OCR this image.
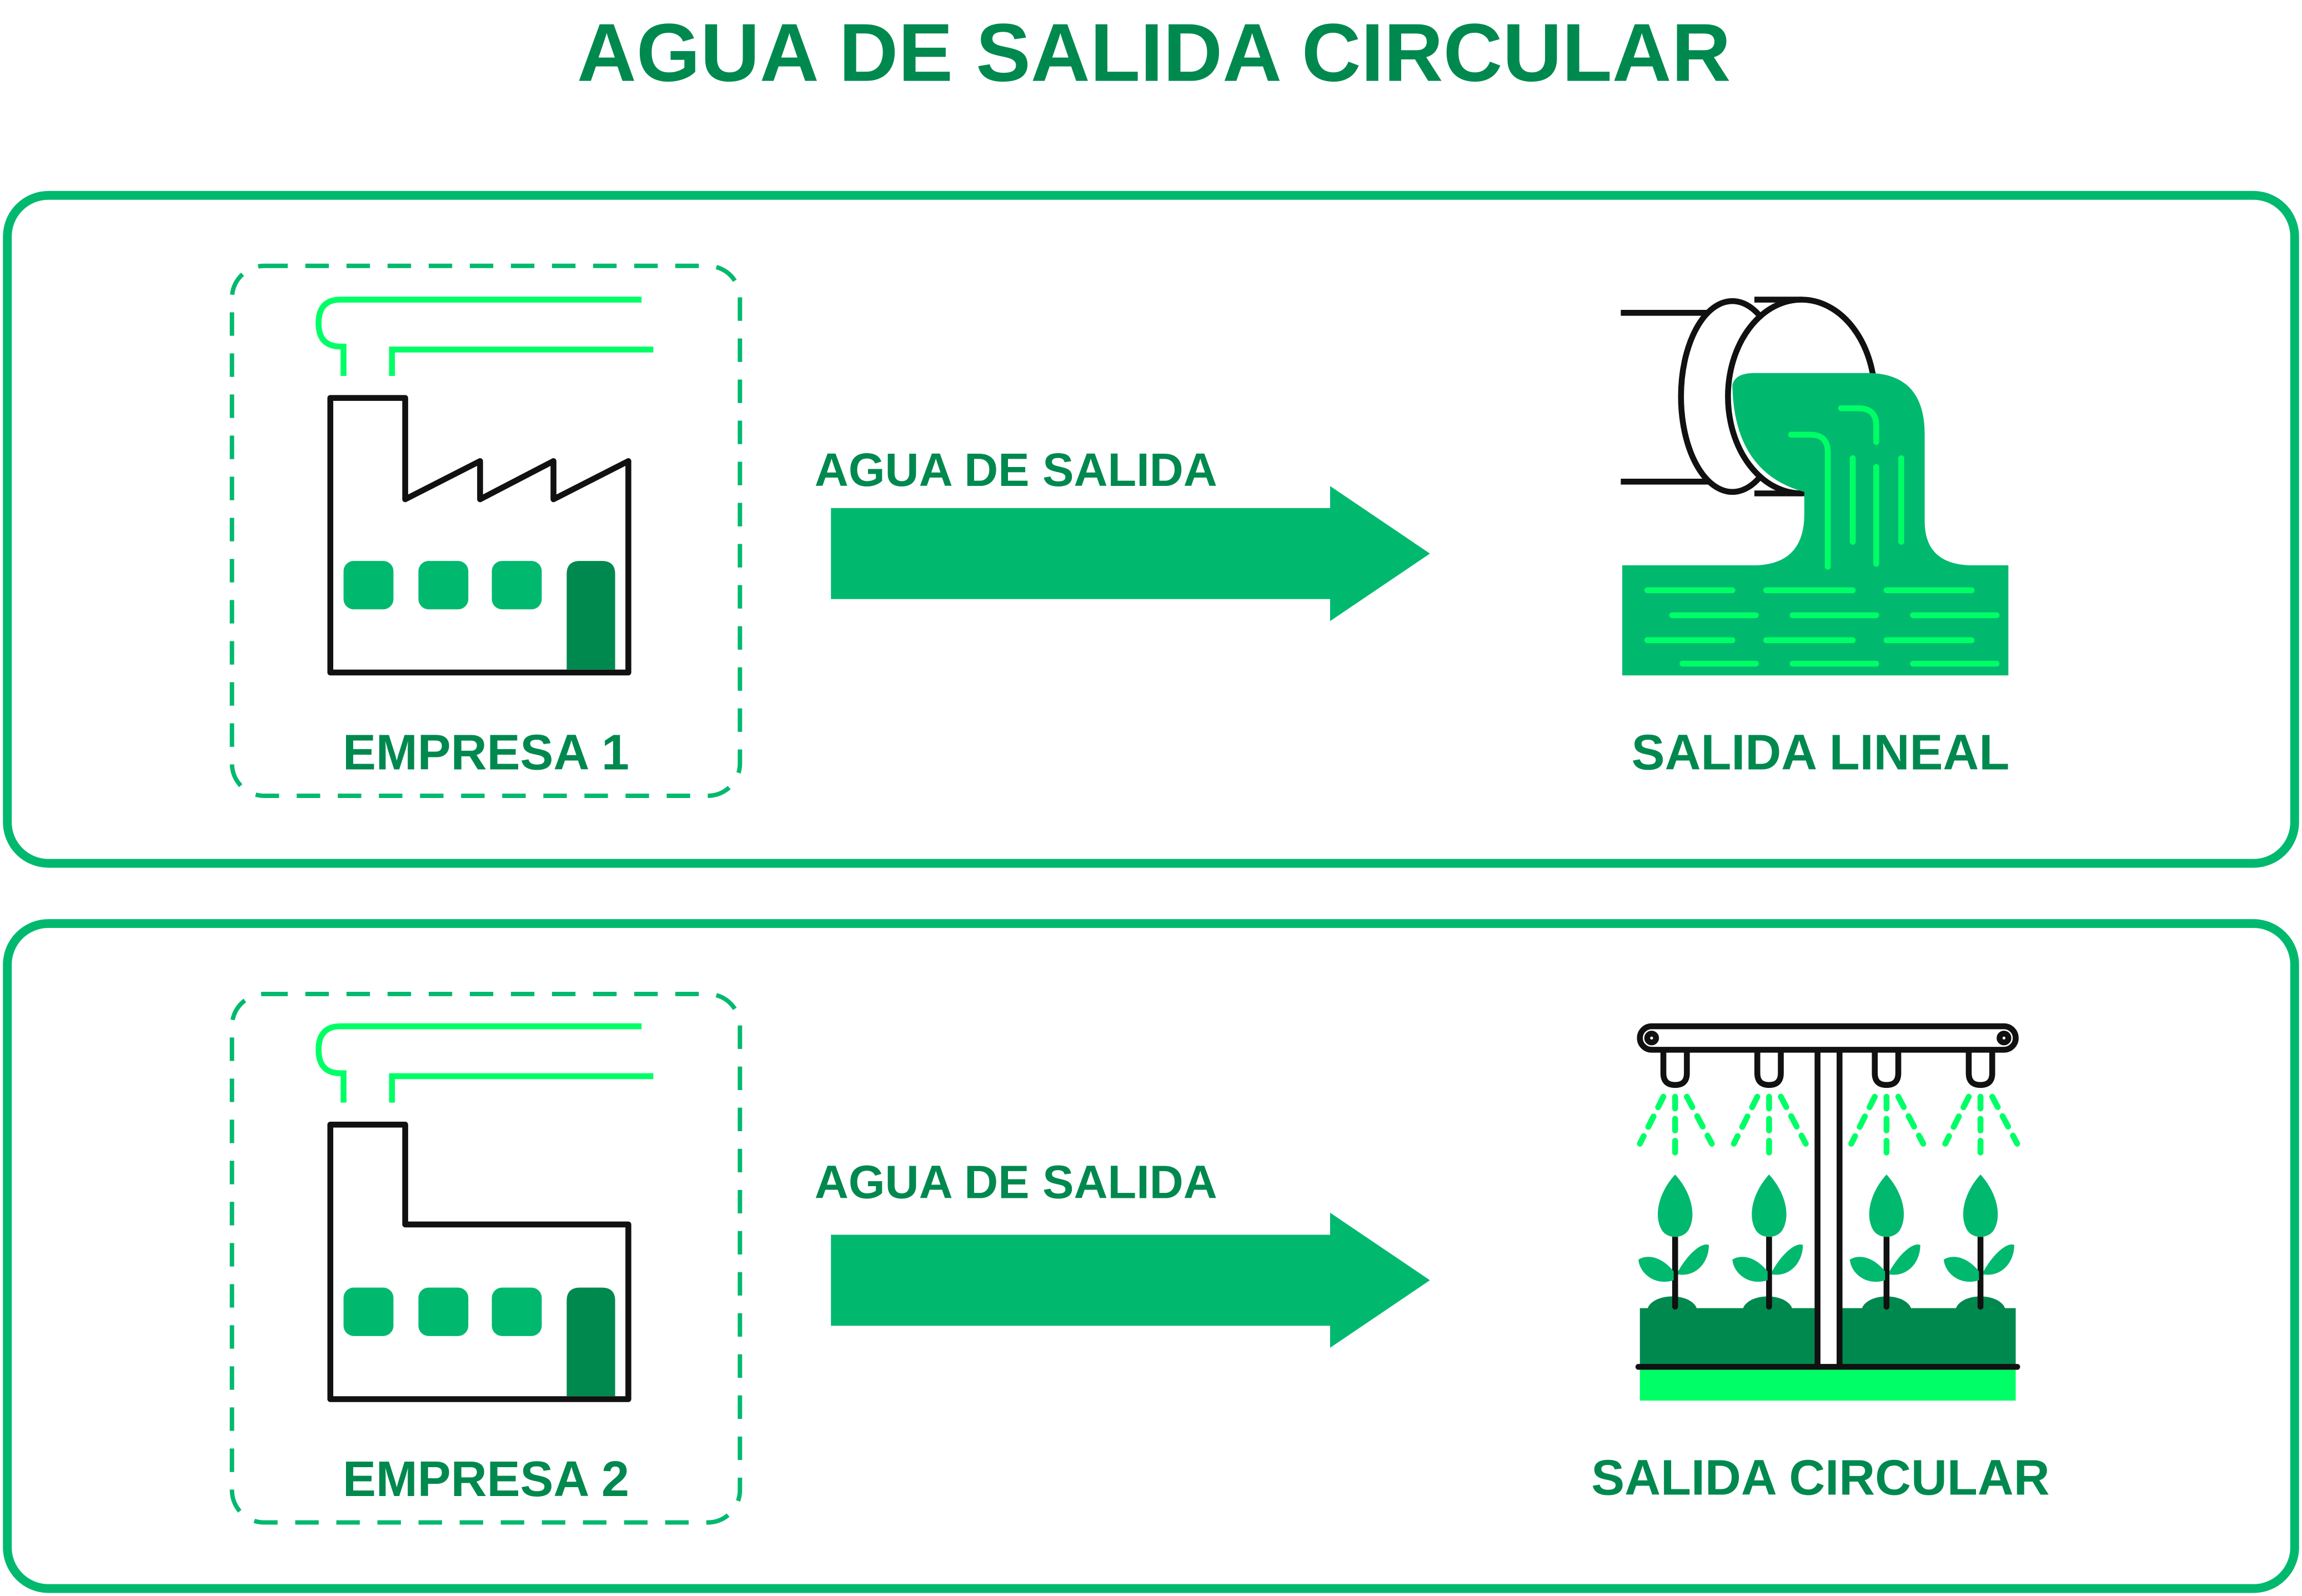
AGUA DE SALIDA CIRCULAR
EMPRESA 1
AGUA DE SALIDA
SALIDA LINEAL
EMPRESA 2
AGUA DE SALIDA
SALIDA CIRCULAR
